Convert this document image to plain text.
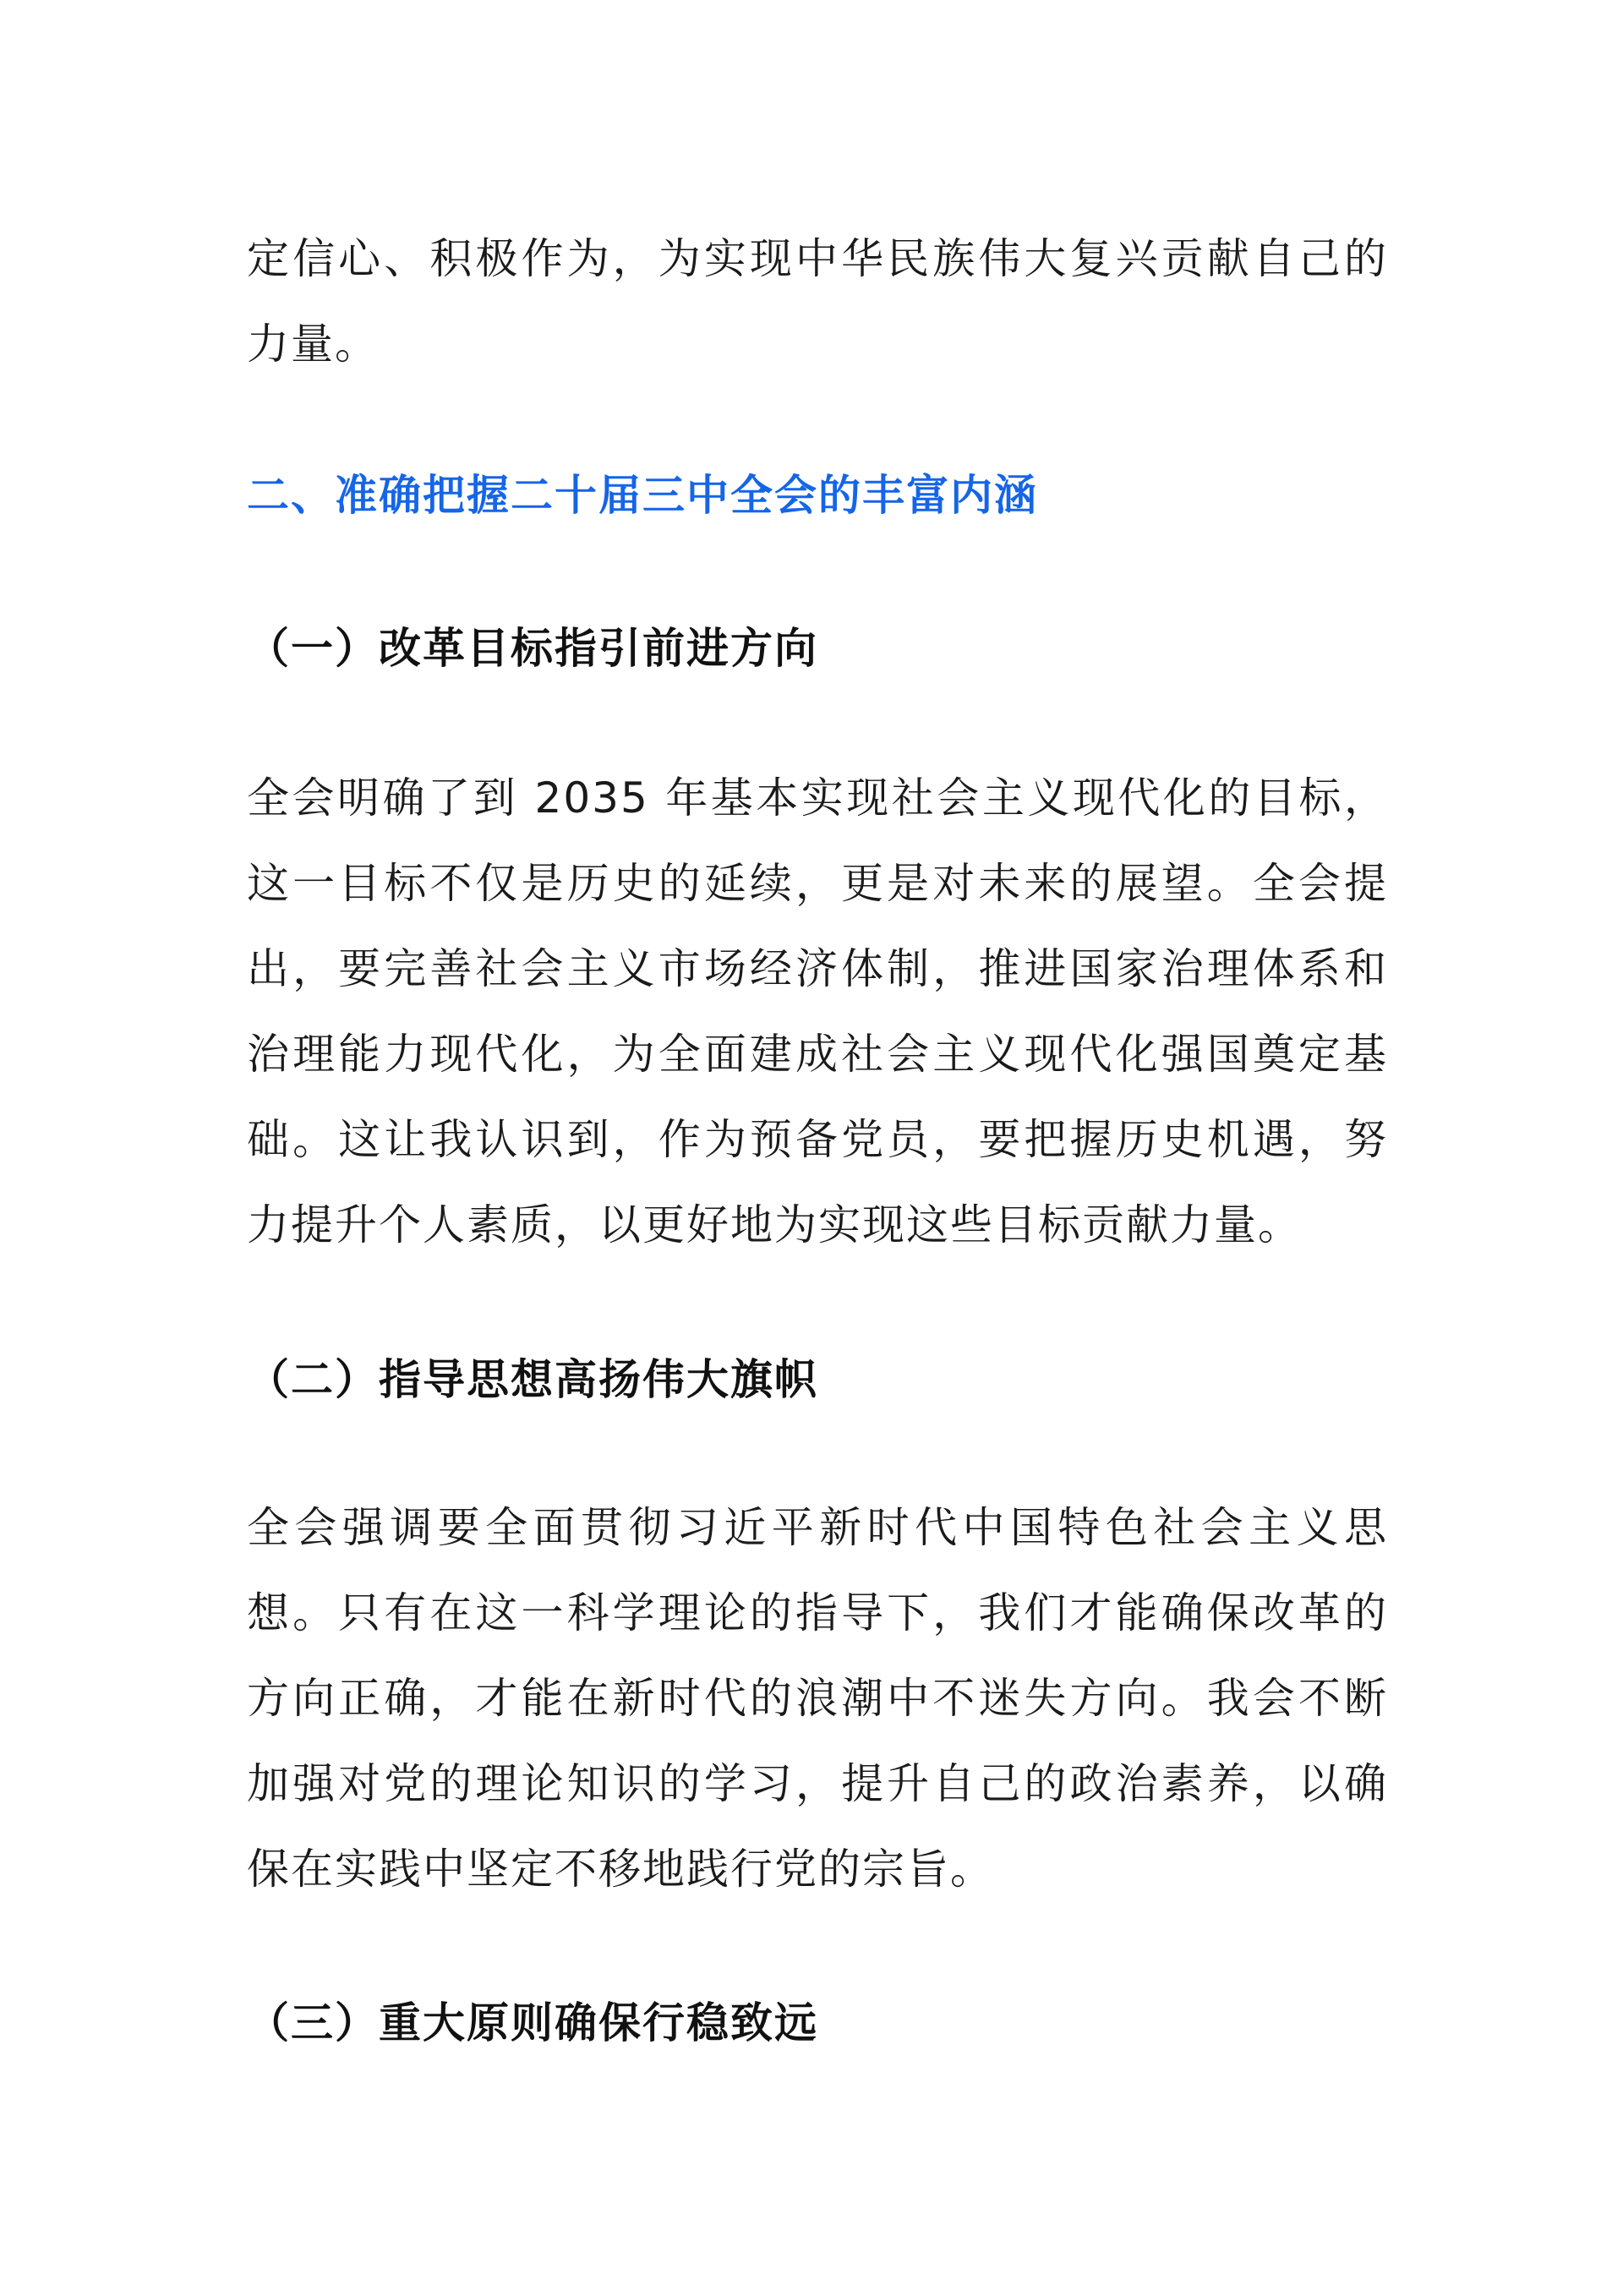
定信心、积极作为，为实现中华民族伟大复兴贡献自己的力量。

二、准确把握二十届三中全会的丰富内涵
（一）改革目标指引前进方向

全会明确了到 2035 年基本实现社会主义现代化的目标，这一目标不仅是历史的延续，更是对未来的展望。全会提出，要完善社会主义市场经济体制，推进国家治理体系和治理能力现代化，为全面建成社会主义现代化强国奠定基础。这让我认识到，作为预备党员，要把握历史机遇，努力提升个人素质，以更好地为实现这些目标贡献力量。

（二）指导思想高扬伟大旗帜

全会强调要全面贯彻习近平新时代中国特色社会主义思想。只有在这一科学理论的指导下，我们才能确保改革的方向正确，才能在新时代的浪潮中不迷失方向。我会不断加强对党的理论知识的学习，提升自己的政治素养，以确保在实践中坚定不移地践行党的宗旨。

（三）重大原则确保行稳致远
